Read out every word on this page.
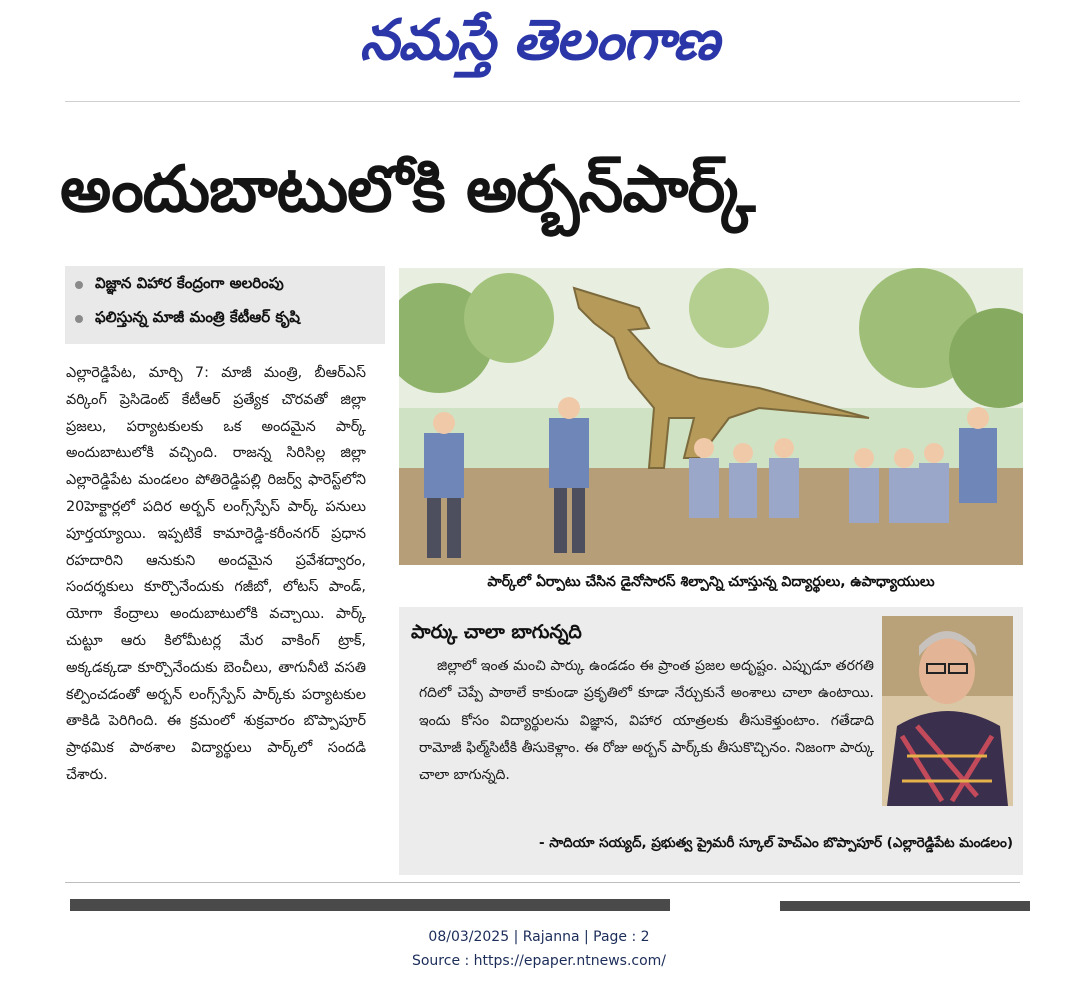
నమస్తే తెలంగాణ
అందుబాటులోకి అర్బన్‌పార్క్‌
విజ్ఞాన విహార కేంద్రంగా అలరింపు
ఫలిస్తున్న మాజీ మంత్రి కేటీఆర్‌ కృషి
ఎల్లారెడ్డిపేట, మార్చి 7: మాజీ మంత్రి, బీఆర్‌ఎస్‌ వర్కింగ్‌ ప్రెసిడెంట్‌ కేటీఆర్‌ ప్రత్యేక చొరవతో జిల్లా ప్రజలు, పర్యాటకులకు ఒక అందమైన పార్క్‌ అందుబాటులోకి వచ్చింది. రాజన్న సిరిసిల్ల జిల్లా ఎల్లారెడ్డిపేట మండలం పోతిరెడ్డిపల్లి రిజర్వ్‌ ఫారెస్ట్‌లోని 20హెక్టార్లలో పదిర అర్బన్‌ లంగ్స్‌స్పేస్‌ పార్క్‌ పనులు పూర్తయ్యాయి. ఇప్పటికే కామారెడ్డి-కరీంనగర్‌ ప్రధాన రహదారిని ఆనుకుని అందమైన ప్రవేశద్వారం, సందర్శకులు కూర్చొనేందుకు గజీబో, లోటస్‌ పాండ్‌, యోగా కేంద్రాలు అందుబాటులోకి వచ్చాయి. పార్క్‌ చుట్టూ ఆరు కిలోమీటర్ల మేర వాకింగ్‌ ట్రాక్‌, అక్కడక్కడా కూర్చొనేందుకు బెంచీలు, తాగునీటి వసతి కల్పించడంతో అర్బన్‌ లంగ్స్‌స్పేస్‌ పార్క్‌కు పర్యాటకుల తాకిడి పెరిగింది. ఈ క్రమంలో శుక్రవారం బొప్పాపూర్‌ ప్రాథమిక పాఠశాల విద్యార్థులు పార్క్‌లో సందడి చేశారు.
పార్క్‌లో ఏర్పాటు చేసిన డైనోసారస్‌ శిల్పాన్ని చూస్తున్న విద్యార్థులు, ఉపాధ్యాయులు
పార్కు చాలా బాగున్నది
జిల్లాలో ఇంత మంచి పార్కు ఉండడం ఈ ప్రాంత ప్రజల అదృష్టం. ఎప్పుడూ తరగతి గదిలో చెప్పే పాఠాలే కాకుండా ప్రకృతిలో కూడా నేర్చుకునే అంశాలు చాలా ఉంటాయి. ఇందు కోసం విద్యార్థులను విజ్ఞాన, విహార యాత్రలకు తీసుకెళ్తుంటాం. గతేడాది రామోజీ ఫిల్మ్‌సిటీకి తీసుకెళ్లాం. ఈ రోజు అర్బన్‌ పార్క్‌కు తీసుకొచ్చినం. నిజంగా పార్కు చాలా బాగున్నది.
- సాదియా సయ్యద్‌, ప్రభుత్వ ప్రైమరీ స్కూల్‌ హెచ్‌ఎం బొప్పాపూర్‌ (ఎల్లారెడ్డిపేట మండలం)
08/03/2025 | Rajanna | Page : 2
Source : https://epaper.ntnews.com/
